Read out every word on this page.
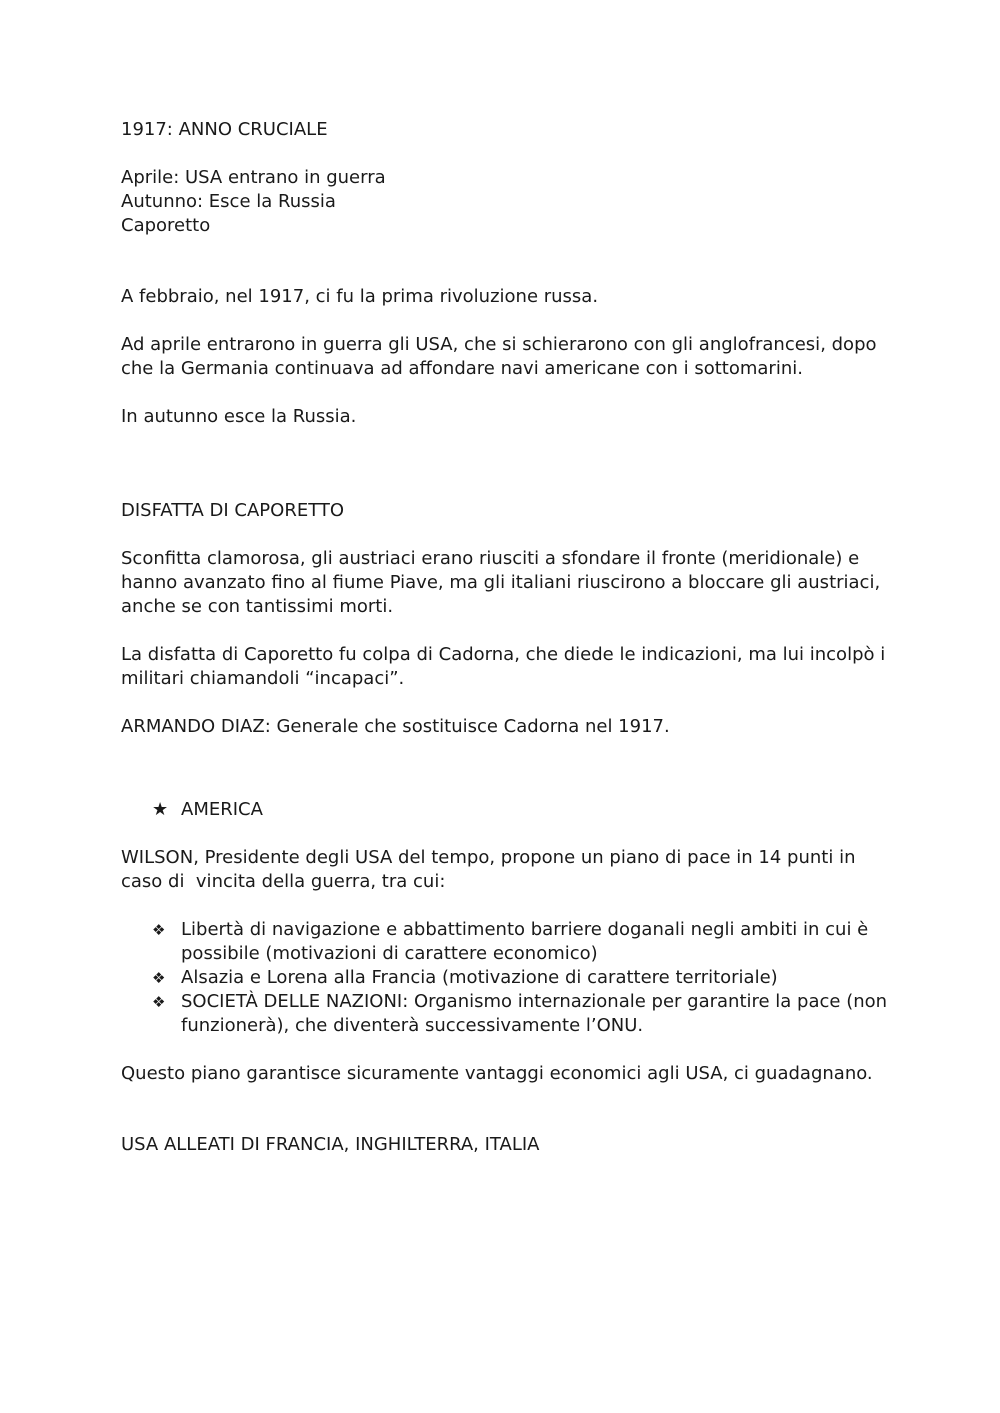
1917: ANNO CRUCIALE

Aprile: USA entrano in guerra

Autunno: Esce la Russia

Caporetto

A febbraio, nel 1917, ci fu la prima rivoluzione russa.

Ad aprile entrarono in guerra gli USA, che si schierarono con gli anglofrancesi, dopo che la Germania continuava ad affondare navi americane con i sottomarini.

In autunno esce la Russia.

DISFATTA DI CAPORETTO

Sconfitta clamorosa, gli austriaci erano riusciti a sfondare il fronte (meridionale) e hanno avanzato fino al fiume Piave, ma gli italiani riuscirono a bloccare gli austriaci, anche se con tantissimi morti.

La disfatta di Caporetto fu colpa di Cadorna, che diede le indicazioni, ma lui incolpò i militari chiamandoli “incapaci”.

ARMANDO DIAZ: Generale che sostituisce Cadorna nel 1917.

★ AMERICA

WILSON, Presidente degli USA del tempo, propone un piano di pace in 14 punti in caso di  vincita della guerra, tra cui:

❖ Libertà di navigazione e abbattimento barriere doganali negli ambiti in cui è possibile (motivazioni di carattere economico)
❖ Alsazia e Lorena alla Francia (motivazione di carattere territoriale)
❖ SOCIETÀ DELLE NAZIONI: Organismo internazionale per garantire la pace (non funzionerà), che diventerà successivamente l’ONU.

Questo piano garantisce sicuramente vantaggi economici agli USA, ci guadagnano.

USA ALLEATI DI FRANCIA, INGHILTERRA, ITALIA
